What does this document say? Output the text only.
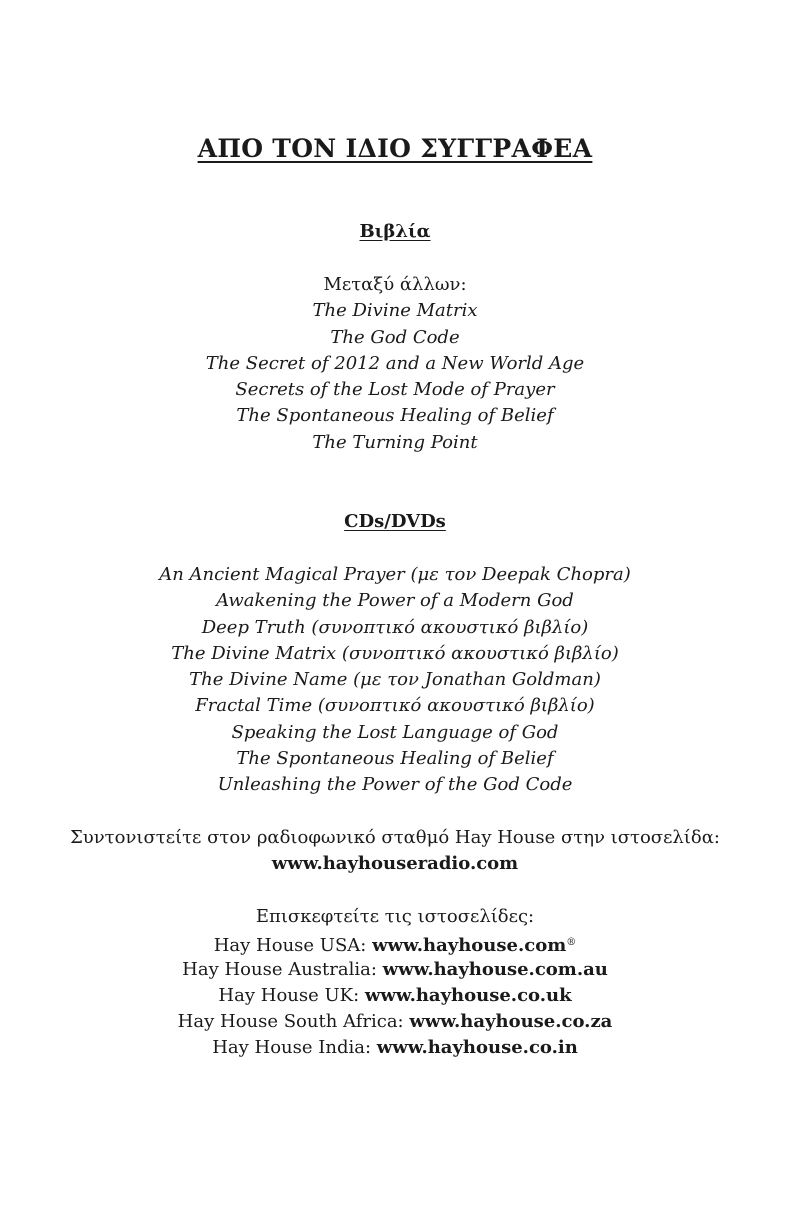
ΑΠΟ ΤΟΝ ΙΔΙΟ ΣΥΓΓΡΑΦΕΑ
Βιβλία
Μεταξύ άλλων:
The Divine Matrix
The God Code
The Secret of 2012 and a New World Age
Secrets of the Lost Mode of Prayer
The Spontaneous Healing of Belief
The Turning Point
CDs/DVDs
An Ancient Magical Prayer (με τον Deepak Chopra)
Awakening the Power of a Modern God
Deep Truth (συνοπτικό ακουστικό βιβλίο)
The Divine Matrix (συνοπτικό ακουστικό βιβλίο)
The Divine Name (με τον Jonathan Goldman)
Fractal Time (συνοπτικό ακουστικό βιβλίο)
Speaking the Lost Language of God
The Spontaneous Healing of Belief
Unleashing the Power of the God Code
Συντονιστείτε στον ραδιοφωνικό σταθμό Hay House στην ιστοσελίδα:
www.hayhouseradio.com
Επισκεφτείτε τις ιστοσελίδες:
Hay House USA: www.hayhouse.com®
Hay House Australia: www.hayhouse.com.au
Hay House UK: www.hayhouse.co.uk
Hay House South Africa: www.hayhouse.co.za
Hay House India: www.hayhouse.co.in
